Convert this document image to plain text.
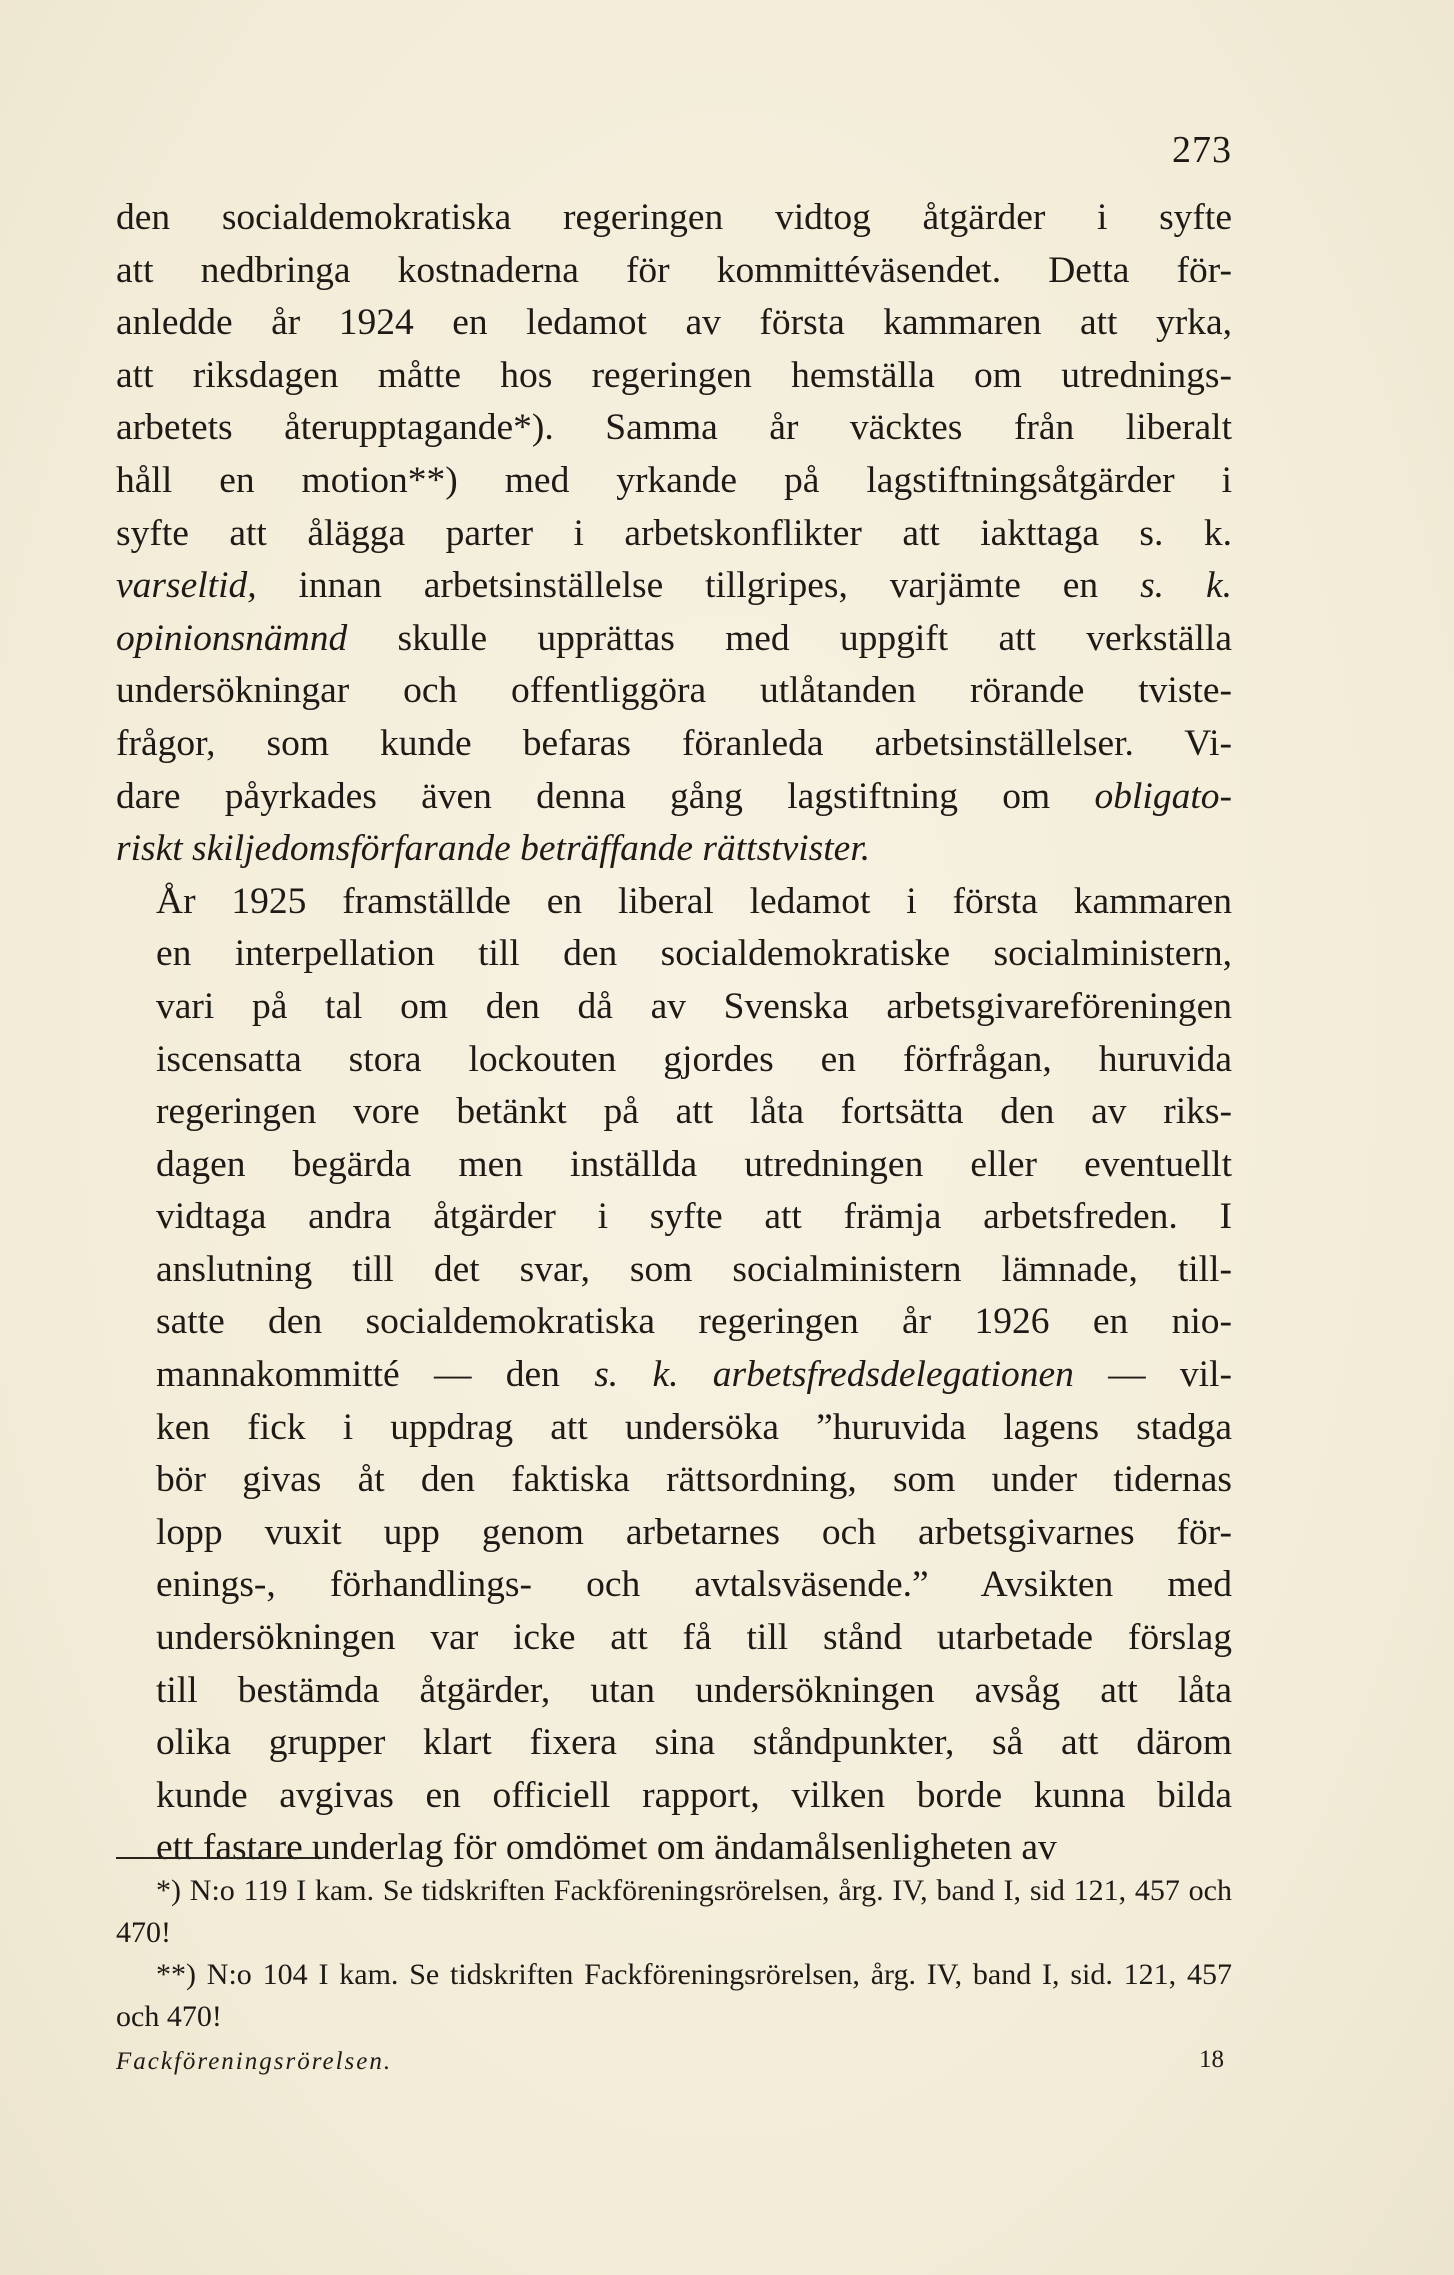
273

den socialdemokratiska regeringen vidtog åtgärder i syfte
att nedbringa kostnaderna för kommittéväsendet. Detta för-
anledde år 1924 en ledamot av första kammaren att yrka,
att riksdagen måtte hos regeringen hemställa om utrednings-
arbetets återupptagande*). Samma år väcktes från liberalt
håll en motion**) med yrkande på lagstiftningsåtgärder i
syfte att ålägga parter i arbetskonflikter att iakttaga s. k.
varseltid, innan arbetsinställelse tillgripes, varjämte en s. k.
opinionsnämnd skulle upprättas med uppgift att verkställa
undersökningar och offentliggöra utlåtanden rörande tviste-
frågor, som kunde befaras föranleda arbetsinställelser. Vi-
dare påyrkades även denna gång lagstiftning om obligato-
riskt skiljedomsförfarande beträffande rättstvister.

År 1925 framställde en liberal ledamot i första kammaren
en interpellation till den socialdemokratiske socialministern,
vari på tal om den då av Svenska arbetsgivareföreningen
iscensatta stora lockouten gjordes en förfrågan, huruvida
regeringen vore betänkt på att låta fortsätta den av riks-
dagen begärda men inställda utredningen eller eventuellt
vidtaga andra åtgärder i syfte att främja arbetsfreden. I
anslutning till det svar, som socialministern lämnade, till-
satte den socialdemokratiska regeringen år 1926 en nio-
mannakommitté — den s. k. arbetsfredsdelegationen — vil-
ken fick i uppdrag att undersöka ”huruvida lagens stadga
bör givas åt den faktiska rättsordning, som under tidernas
lopp vuxit upp genom arbetarnes och arbetsgivarnes för-
enings-, förhandlings- och avtalsväsende.” Avsikten med
undersökningen var icke att få till stånd utarbetade förslag
till bestämda åtgärder, utan undersökningen avsåg att låta
olika grupper klart fixera sina ståndpunkter, så att därom
kunde avgivas en officiell rapport, vilken borde kunna bilda
ett fastare underlag för omdömet om ändamålsenligheten av

*) N:o 119 I kam. Se tidskriften Fackföreningsrörelsen, årg. IV, band I, sid 121, 457 och 470!

**) N:o 104 I kam. Se tidskriften Fackföreningsrörelsen, årg. IV, band I, sid. 121, 457 och 470!

Fackföreningsrörelsen.	18
